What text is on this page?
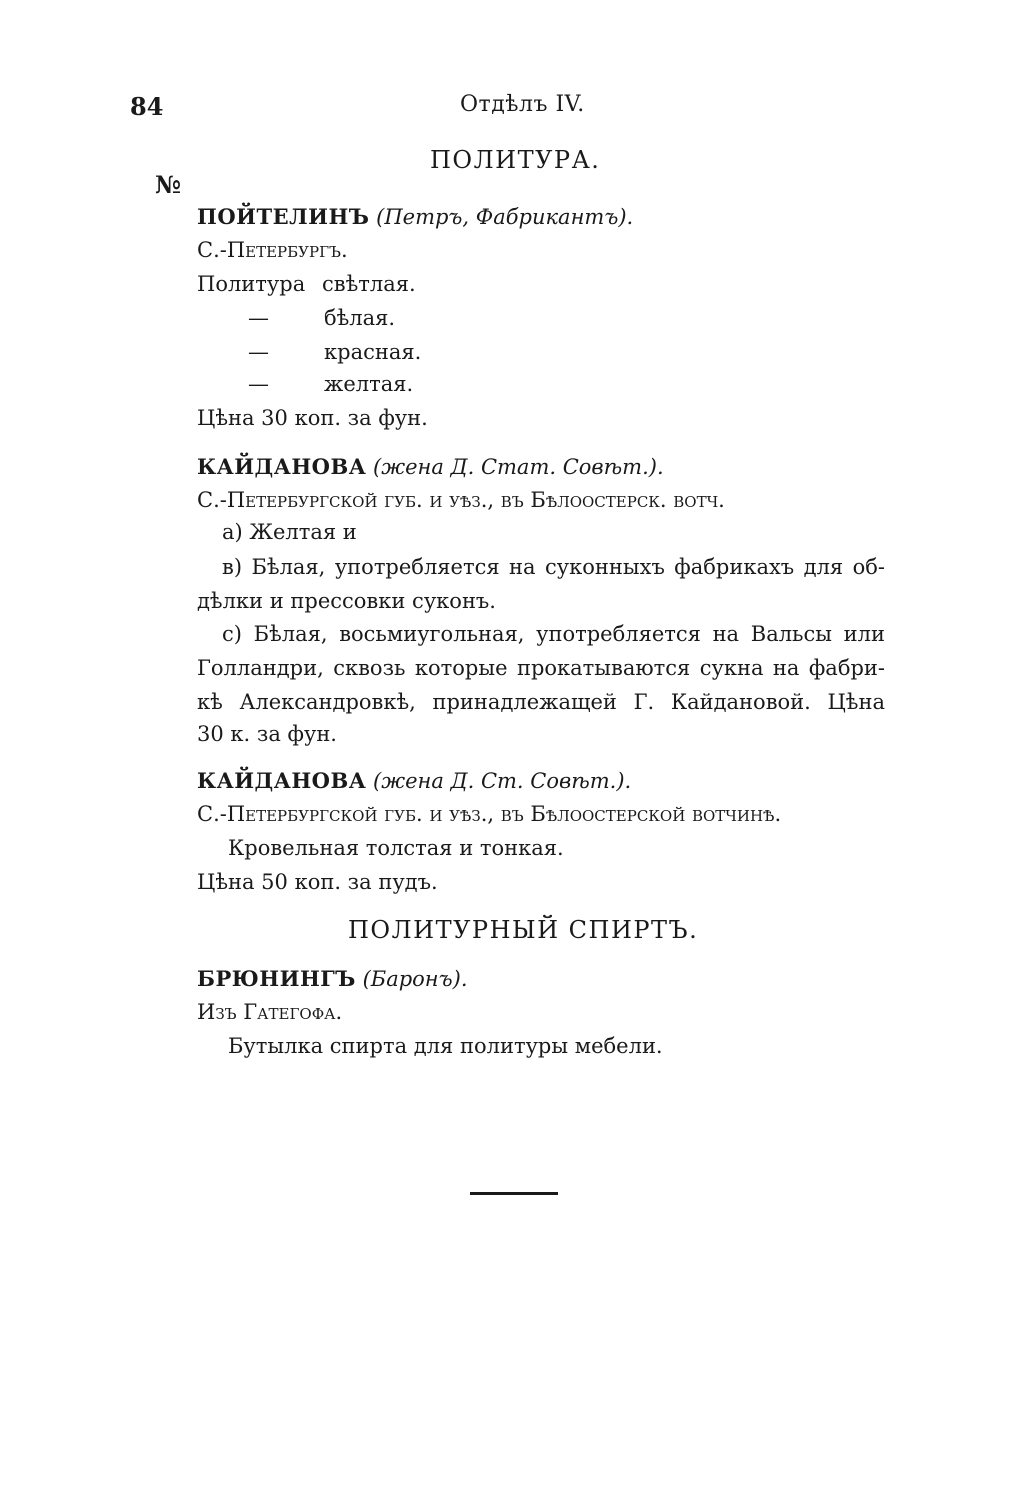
84	Отдѣлъ IV.
ПОЛИТУРА.
№
ПОЙТЕЛИНЪ (Петръ, Фабрикантъ).
С.-Петербургъ.
Политура свѣтлая.
—	бѣлая.
—	красная.
—	желтая.
Цѣна 30 коп. за фун.
КАЙДАНОВА (жена Д. Стат. Совѣт.).
С.-Петербургской губ. и уѣз., въ Бѣлоостерск. вотч.
а) Желтая и
в) Бѣлая, употребляется на суконныхъ фабрикахъ для об-
дѣлки и прессовки суконъ.
с) Бѣлая, восьмиугольная, употребляется на Вальсы или
Голландри, сквозь которые прокатываются сукна на фабри-
кѣ Александровкѣ, принадлежащей Г. Кайдановой. Цѣна
30 к. за фун.
КАЙДАНОВА (жена Д. Ст. Совѣт.).
С.-Петербургской губ. и уѣз., въ Бѣлоостерской вотчинѣ.
Кровельная толстая и тонкая.
Цѣна 50 коп. за пудъ.
ПОЛИТУРНЫЙ СПИРТЪ.
БРЮНИНГЪ (Баронъ).
Изъ Гатегофа.
Бутылка спирта для политуры мебели.
